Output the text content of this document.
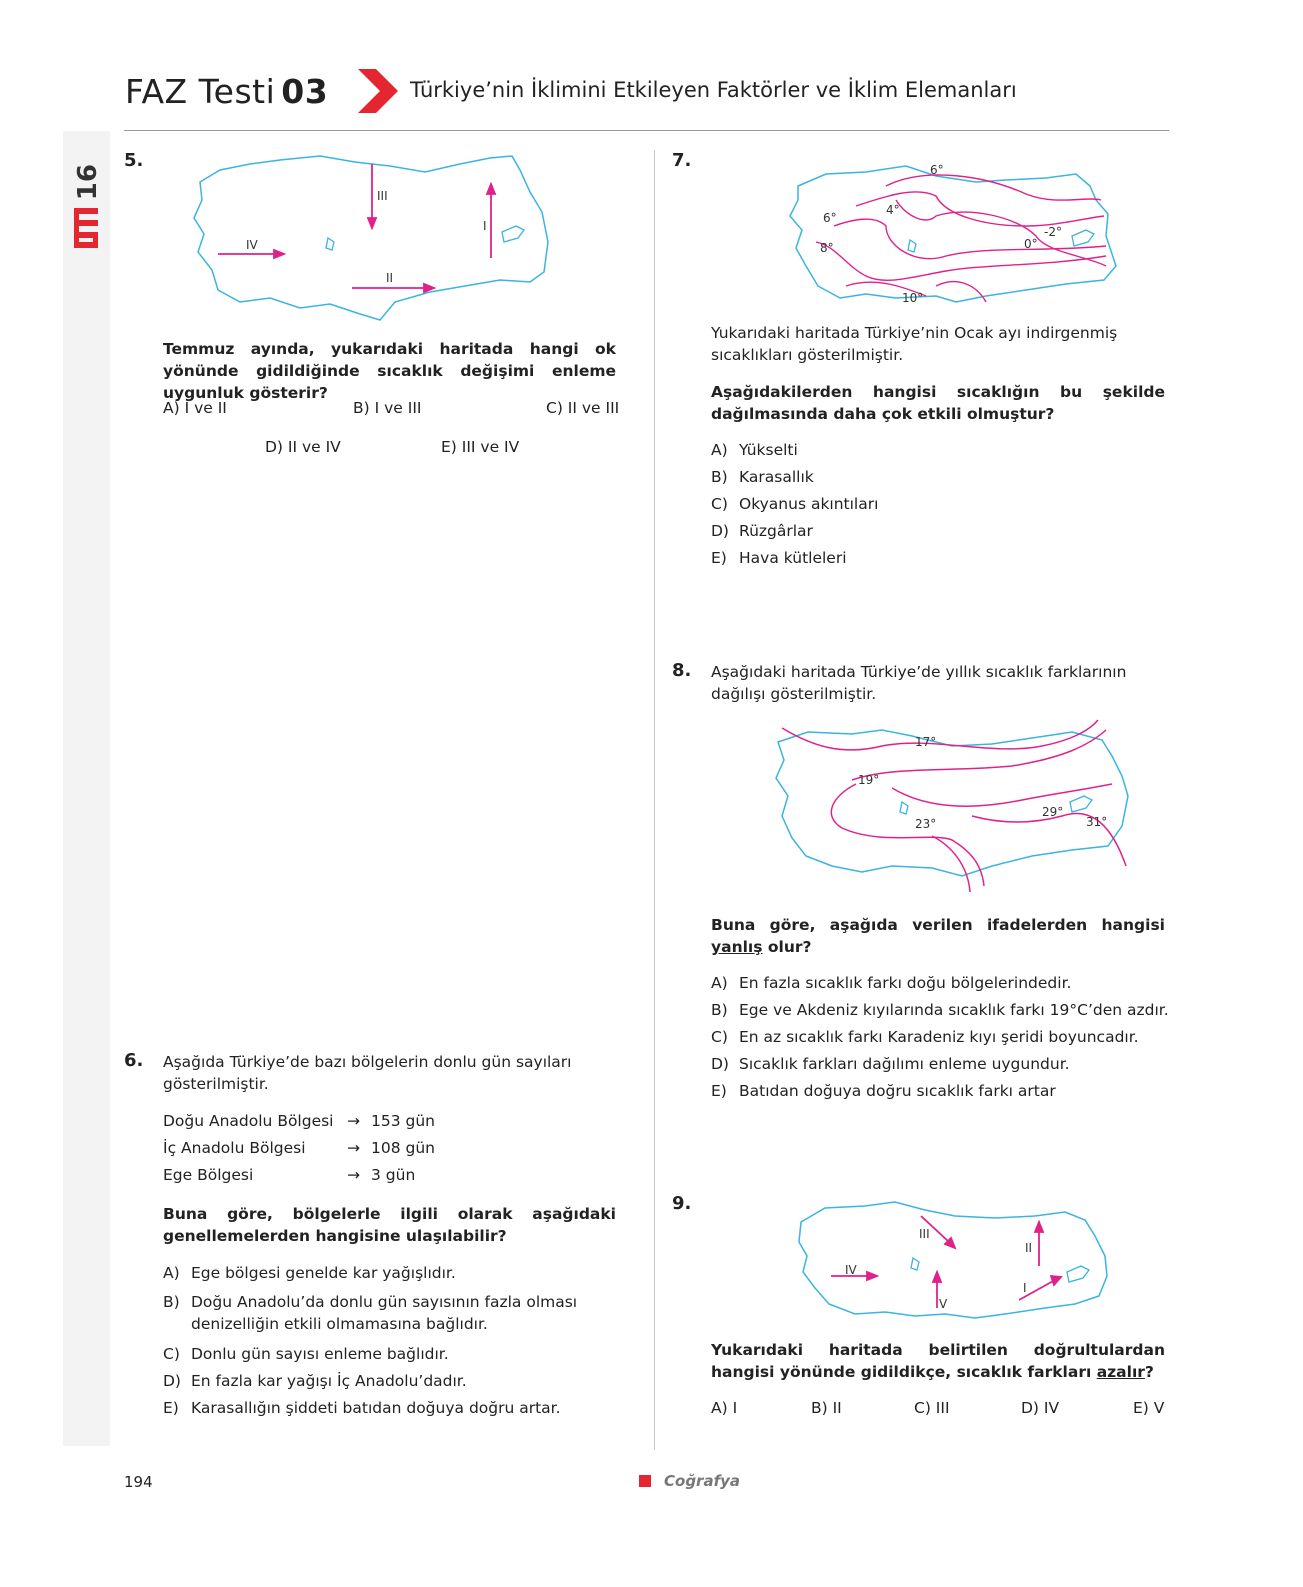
16
FAZ Testi 03	Türkiye’nin İklimini Etkileyen Faktörler ve İklim Elemanları
5.
I
II
III
IV
Temmuz ayında, yukarıdaki haritada hangi ok yönünde gidildiğinde sıcaklık değişimi enleme uygunluk gösterir?
A) I ve II	B) I ve III	C) II ve III
D) II ve IV	E) III ve IV
6. Aşağıda Türkiye’de bazı bölgelerin donlu gün sayıları gösterilmiştir.
Doğu Anadolu Bölgesi → 153 gün
İç Anadolu Bölgesi	→ 108 gün
Ege Bölgesi	→ 3 gün
Buna göre, bölgelerle ilgili olarak aşağıdaki genellemelerden hangisine ulaşılabilir?
A) Ege bölgesi genelde kar yağışlıdır.
B) Doğu Anadolu’da donlu gün sayısının fazla olması denizelliğin etkili olmamasına bağlıdır.
C) Donlu gün sayısı enleme bağlıdır.
D) En fazla kar yağışı İç Anadolu’dadır.
E) Karasallığın şiddeti batıdan doğuya doğru artar.
7.	6°
4°
6°
8°	0°
-2°
10°
Yukarıdaki haritada Türkiye’nin Ocak ayı indirgenmiş sıcaklıkları gösterilmiştir.
Aşağıdakilerden hangisi sıcaklığın bu şekilde dağılmasında daha çok etkili olmuştur?
A) Yükselti
B) Karasallık
C) Okyanus akıntıları
D) Rüzgârlar
E) Hava kütleleri
8. Aşağıdaki haritada Türkiye’de yıllık sıcaklık farklarının dağılışı gösterilmiştir.
17°
19°
23°
29°
31°
Buna göre, aşağıda verilen ifadelerden hangisi yanlış olur?
A) En fazla sıcaklık farkı doğu bölgelerindedir.
B) Ege ve Akdeniz kıyılarında sıcaklık farkı 19°C’den azdır.
C) En az sıcaklık farkı Karadeniz kıyı şeridi boyuncadır.
D) Sıcaklık farkları dağılımı enleme uygundur.
E) Batıdan doğuya doğru sıcaklık farkı artar
9.
I
II
III
IV
V
Yukarıdaki haritada belirtilen doğrultulardan hangisi yönünde gidildikçe, sıcaklık farkları azalır?
A) I	B) II	C) III	D) IV	E) V
194	Coğrafya
